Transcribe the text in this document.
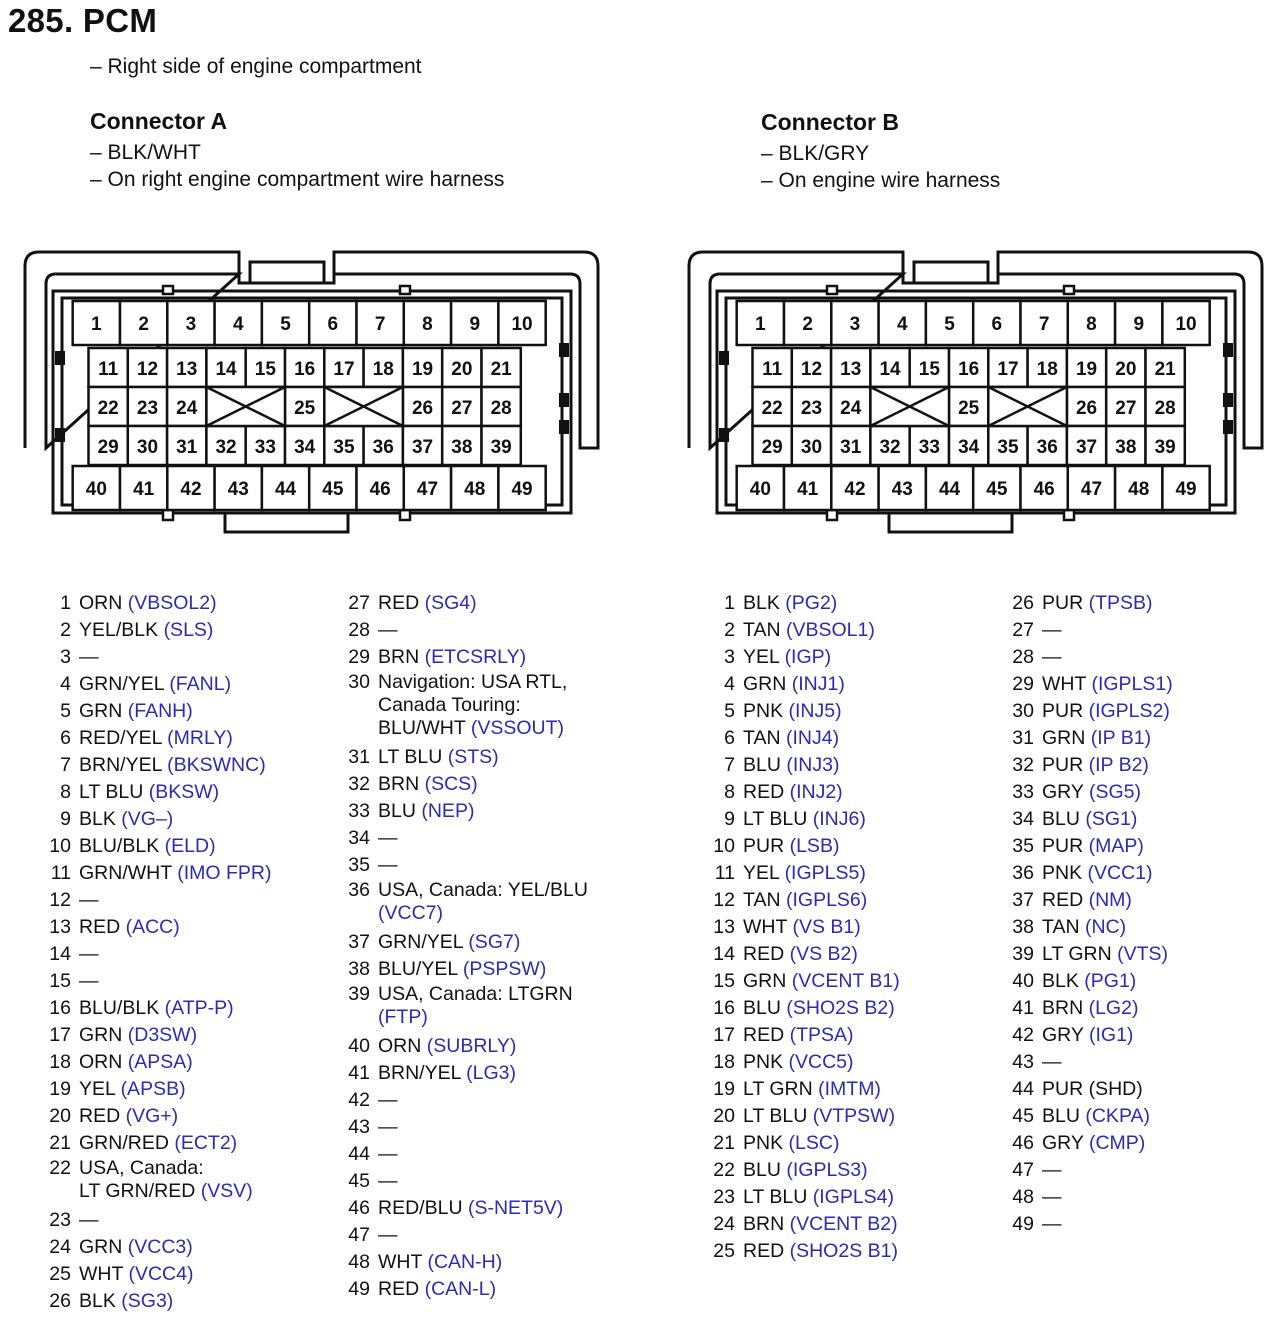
285. PCM
– Right side of engine compartment
Connector A
– BLK/WHT
– On right engine compartment wire harness
Connector B
– BLK/GRY
– On engine wire harness
1 2 3 4 5 6 7 8 9 10
11 12 13 14 15 16 17 18 19 20 21
22 23 24	25	26 27 28
29 30 31 32 33 34 35 36 37 38 39
40 41 42 43 44 45 46 47 48 49
1 2 3 4 5 6 7 8 9 10
11 12 13 14 15 16 17 18 19 20 21
22 23 24	25	26 27 28
29 30 31 32 33 34 35 36 37 38 39
40 41 42 43 44 45 46 47 48 49
1 ORN (VBSOL2)
2 YEL/BLK (SLS)
3 —
4 GRN/YEL (FANL)
5 GRN (FANH)
6 RED/YEL (MRLY)
7 BRN/YEL (BKSWNC)
8 LT BLU (BKSW)
9 BLK (VG–)
10 BLU/BLK (ELD)
11 GRN/WHT (IMO FPR)
12 —
13 RED (ACC)
14 —
15 —
16 BLU/BLK (ATP-P)
17 GRN (D3SW)
18 ORN (APSA)
19 YEL (APSB)
20 RED (VG+)
21 GRN/RED (ECT2)
22 USA, Canada:
LT GRN/RED (VSV)
23 —
24 GRN (VCC3)
25 WHT (VCC4)
26 BLK (SG3)
27 RED (SG4)
28 —
29 BRN (ETCSRLY)
30 Navigation: USA RTL,
Canada Touring:
BLU/WHT (VSSOUT)
31 LT BLU (STS)
32 BRN (SCS)
33 BLU (NEP)
34 —
35 —
36 USA, Canada: YEL/BLU
(VCC7)
37 GRN/YEL (SG7)
38 BLU/YEL (PSPSW)
39 USA, Canada: LTGRN
(FTP)
40 ORN (SUBRLY)
41 BRN/YEL (LG3)
42 —
43 —
44 —
45 —
46 RED/BLU (S-NET5V)
47 —
48 WHT (CAN-H)
49 RED (CAN-L)
1 BLK (PG2)
2 TAN (VBSOL1)
3 YEL (IGP)
4 GRN (INJ1)
5 PNK (INJ5)
6 TAN (INJ4)
7 BLU (INJ3)
8 RED (INJ2)
9 LT BLU (INJ6)
10 PUR (LSB)
11 YEL (IGPLS5)
12 TAN (IGPLS6)
13 WHT (VS B1)
14 RED (VS B2)
15 GRN (VCENT B1)
16 BLU (SHO2S B2)
17 RED (TPSA)
18 PNK (VCC5)
19 LT GRN (IMTM)
20 LT BLU (VTPSW)
21 PNK (LSC)
22 BLU (IGPLS3)
23 LT BLU (IGPLS4)
24 BRN (VCENT B2)
25 RED (SHO2S B1)
26 PUR (TPSB)
27 —
28 —
29 WHT (IGPLS1)
30 PUR (IGPLS2)
31 GRN (IP B1)
32 PUR (IP B2)
33 GRY (SG5)
34 BLU (SG1)
35 PUR (MAP)
36 PNK (VCC1)
37 RED (NM)
38 TAN (NC)
39 LT GRN (VTS)
40 BLK (PG1)
41 BRN (LG2)
42 GRY (IG1)
43 —
44 PUR (SHD)
45 BLU (CKPA)
46 GRY (CMP)
47 —
48 —
49 —
